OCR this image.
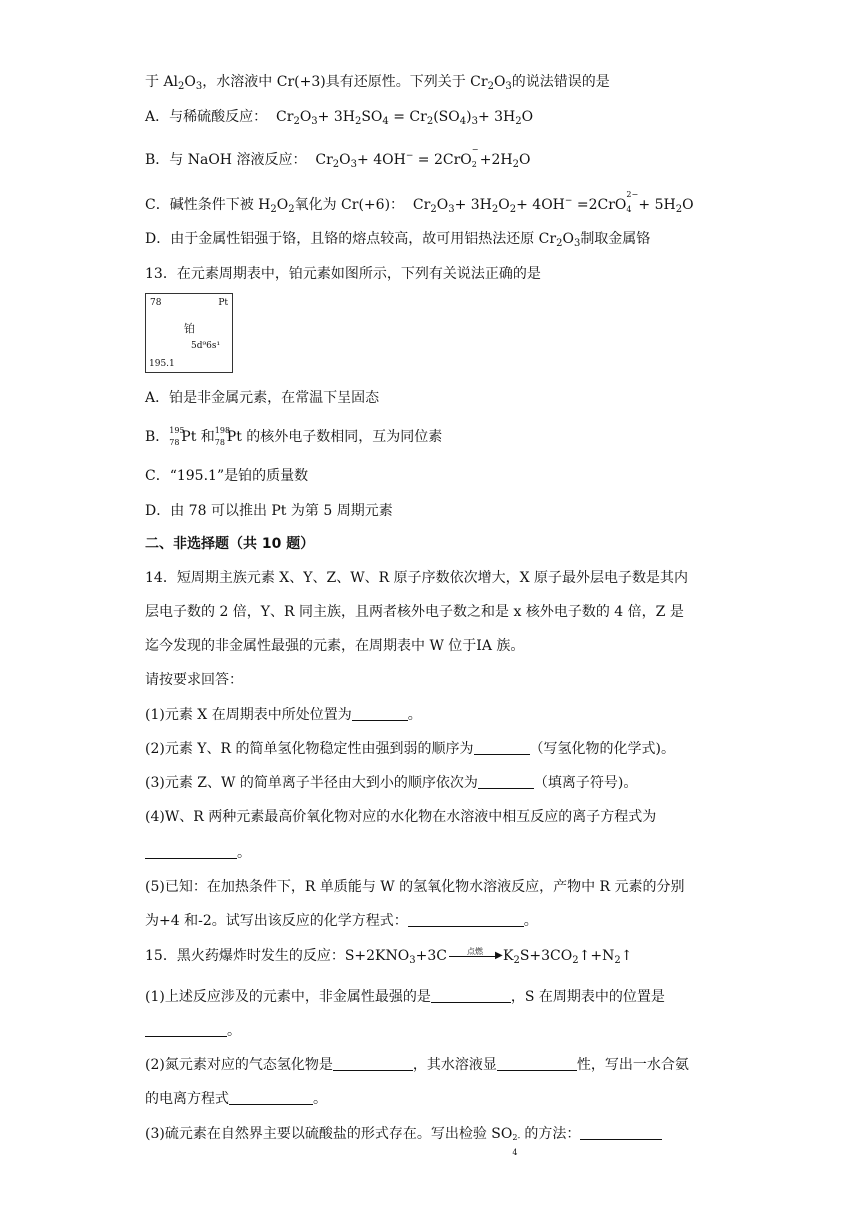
于 $Al_2O_3$，水溶液中 Cr(+3)具有还原性。下列关于 $Cr_2O_3$的说法错误的是
A．与稀硫酸反应：  $Cr_2O_3+ 3H_2SO_4 = Cr_2(SO_4)_3+ 3H_2O$
B．与 NaOH 溶液反应：  $Cr_2O_3+ 4OH^- = 2CrO$
−
$2 +2H_2O$
C．碱性条件下被 $H_2O_2$氧化为 Cr(+6)：  $Cr_2O_3+ 3H_2O_2+ 4OH^- =2CrO$
2−
$4 + 5H_2O$
D．由于金属性铝强于铬，且铬的熔点较高，故可用铝热法还原 $Cr_2O_3$制取金属铬
13．在元素周期表中，铂元素如图所示，下列有关说法正确的是
78	Pt
铂
5d⁹6s¹
195.1
A．铂是非金属元素，在常温下呈固态
B． 195
78 Pt 和 198
78 Pt 的核外电子数相同，互为同位素
C．“195.1”是铂的质量数
D．由 78 可以推出 Pt 为第 5 周期元素
二、非选择题（共 10 题）
14．短周期主族元素 X、Y、Z、W、R 原子序数依次增大，X 原子最外层电子数是其内
层电子数的 2 倍，Y、R 同主族，且两者核外电子数之和是 x 核外电子数的 4 倍，Z 是
迄今发现的非金属性最强的元素，在周期表中 W 位于IA 族。
请按要求回答：
(1)元素 X 在周期表中所处位置为	。
(2)元素 Y、R 的简单氢化物稳定性由强到弱的顺序为	（写氢化物的化学式)。
(3)元素 Z、W 的简单离子半径由大到小的顺序依次为	（填离子符号)。
(4)W、R 两种元素最高价氧化物对应的水化物在水溶液中相互反应的离子方程式为
。
(5)已知：在加热条件下，R 单质能与 W 的氢氧化物水溶液反应，产物中 R 元素的分别
为+4 和-2。试写出该反应的化学方程式：	。
15．黑火药爆炸时发生的反应：$S+2KNO_3+3C$	点燃	▶ $K_2S+3CO_2↑+N_2↑$
(1)上述反应涉及的元素中，非金属性最强的是	，S 在周期表中的位置是
。
(2)氮元素对应的气态氢化物是	，其水溶液显	性，写出一水合氨
的电离方程式	。
(3)硫元素在自然界主要以硫酸盐的形式存在。写出检验 SO 2-
4
的方法：
